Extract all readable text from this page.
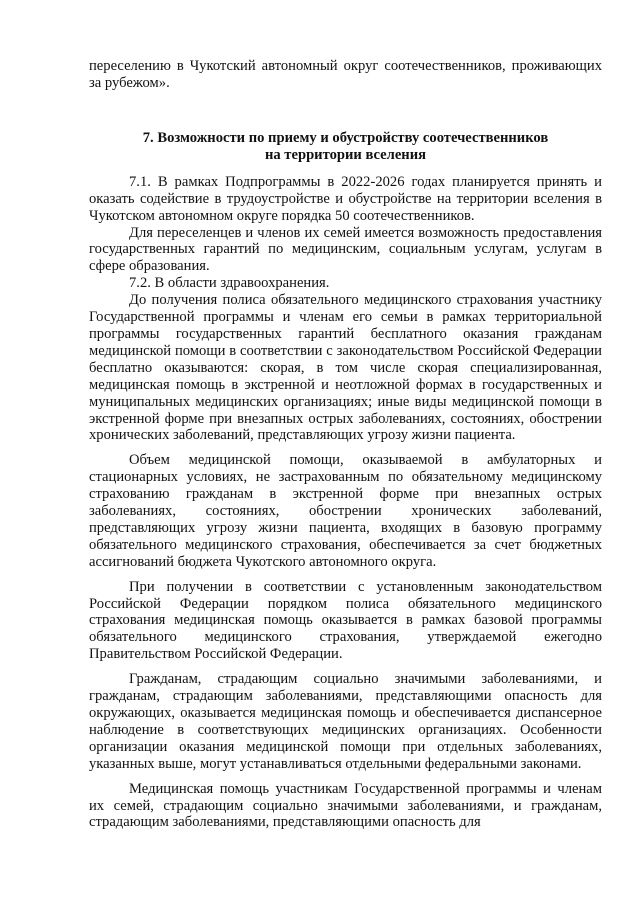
переселению в Чукотский автономный округ соотечественников, проживающих за рубежом».

7. Возможности по приему и обустройству соотечественников
на территории вселения

7.1. В рамках Подпрограммы в 2022-2026 годах планируется принять и оказать содействие в трудоустройстве и обустройстве на территории вселения в Чукотском автономном округе порядка 50 соотечественников.

Для переселенцев и членов их семей имеется возможность предоставления государственных гарантий по медицинским, социальным услугам, услугам в сфере образования.

7.2. В области здравоохранения.

До получения полиса обязательного медицинского страхования участнику Государственной программы и членам его семьи в рамках территориальной программы государственных гарантий бесплатного оказания гражданам медицинской помощи в соответствии с законодательством Российской Федерации бесплатно оказываются: скорая, в том числе скорая специализированная, медицинская помощь в экстренной и неотложной формах в государственных и муниципальных медицинских организациях; иные виды медицинской помощи в экстренной форме при внезапных острых заболеваниях, состояниях, обострении хронических заболеваний, представляющих угрозу жизни пациента.

Объем медицинской помощи, оказываемой в амбулаторных и стационарных условиях, не застрахованным по обязательному медицинскому страхованию гражданам в экстренной форме при внезапных острых заболеваниях, состояниях, обострении хронических заболеваний, представляющих угрозу жизни пациента, входящих в базовую программу обязательного медицинского страхования, обеспечивается за счет бюджетных ассигнований бюджета Чукотского автономного округа.

При получении в соответствии с установленным законодательством Российской Федерации порядком полиса обязательного медицинского страхования медицинская помощь оказывается в рамках базовой программы обязательного медицинского страхования, утверждаемой ежегодно Правительством Российской Федерации.

Гражданам, страдающим социально значимыми заболеваниями, и гражданам, страдающим заболеваниями, представляющими опасность для окружающих, оказывается медицинская помощь и обеспечивается диспансерное наблюдение в соответствующих медицинских организациях. Особенности организации оказания медицинской помощи при отдельных заболеваниях, указанных выше, могут устанавливаться отдельными федеральными законами.

Медицинская помощь участникам Государственной программы и членам их семей, страдающим социально значимыми заболеваниями, и гражданам, страдающим заболеваниями, представляющими опасность для
